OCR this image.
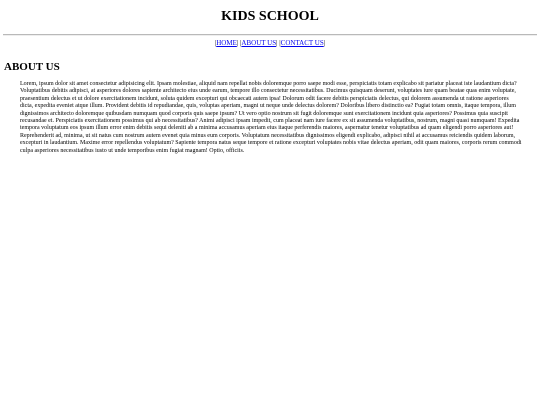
KIDS SCHOOL
|HOME| |ABOUT US| |CONTACT US|
ABOUT US

Lorem, ipsum dolor sit amet consectetur adipisicing elit. Ipsam molestiae, aliquid nam repellat nobis doloremque porro saepe modi esse, perspiciatis totam explicabo sit pariatur placeat iste laudantium dicta? Voluptatibus debitis adipisci, at asperiores dolores sapiente architecto eius unde earum, tempore illo consectetur necessitatibus. Ducimus quisquam deserunt, voluptates iure quam beatae quas enim voluptate, praesentium delectus et ut dolore exercitationem incidunt, soluta quidem excepturi qui obcaecati autem ipsa! Dolorum odit facere debitis perspiciatis delectus, qui dolorem assumenda ut ratione asperiores dicta, expedita eveniet atque illum. Provident debitis id repudiandae, quis, voluptas aperiam, magni ut neque unde delectus dolorem? Doloribus libero distinctio ea? Fugiat totam omnis, itaque tempora, illum dignissimos architecto doloremque quibusdam numquam quod corporis quis saepe ipsum? Ut vero optio nostrum sit fugit doloremque sunt exercitationem incidunt quia asperiores? Possimus quia suscipit recusandae et. Perspiciatis exercitationem possimus qui ab necessitatibus? Animi adipisci ipsam impedit, cum placeat nam iure facere ex sit assumenda voluptatibus, nostrum, magni quasi numquam! Expedita tempora voluptatum eos ipsum illum error enim debitis sequi deleniti ab a minima accusamus aperiam eius itaque perferendis maiores, aspernatur tenetur voluptatibus ad quam eligendi porro asperiores aut! Reprehenderit ad, minima, ut sit natus cum nostrum autem evenet quia minus eum corporis. Voluptatum necessitatibus dignissimos eligendi explicabo, adipisci nihil at accusamus reiciendis quidem laborum, excepturi in laudantium. Maxime error repellendus voluptatum? Sapiente tempora natus seque tempore et ratione excepturi voluptates nobis vitae delectus aperiam, odit quam maiores, corporis rerum commodi culpa asperiores necessitatibus iusto ut unde temporibus enim fugiat magnam! Optio, officiis.
